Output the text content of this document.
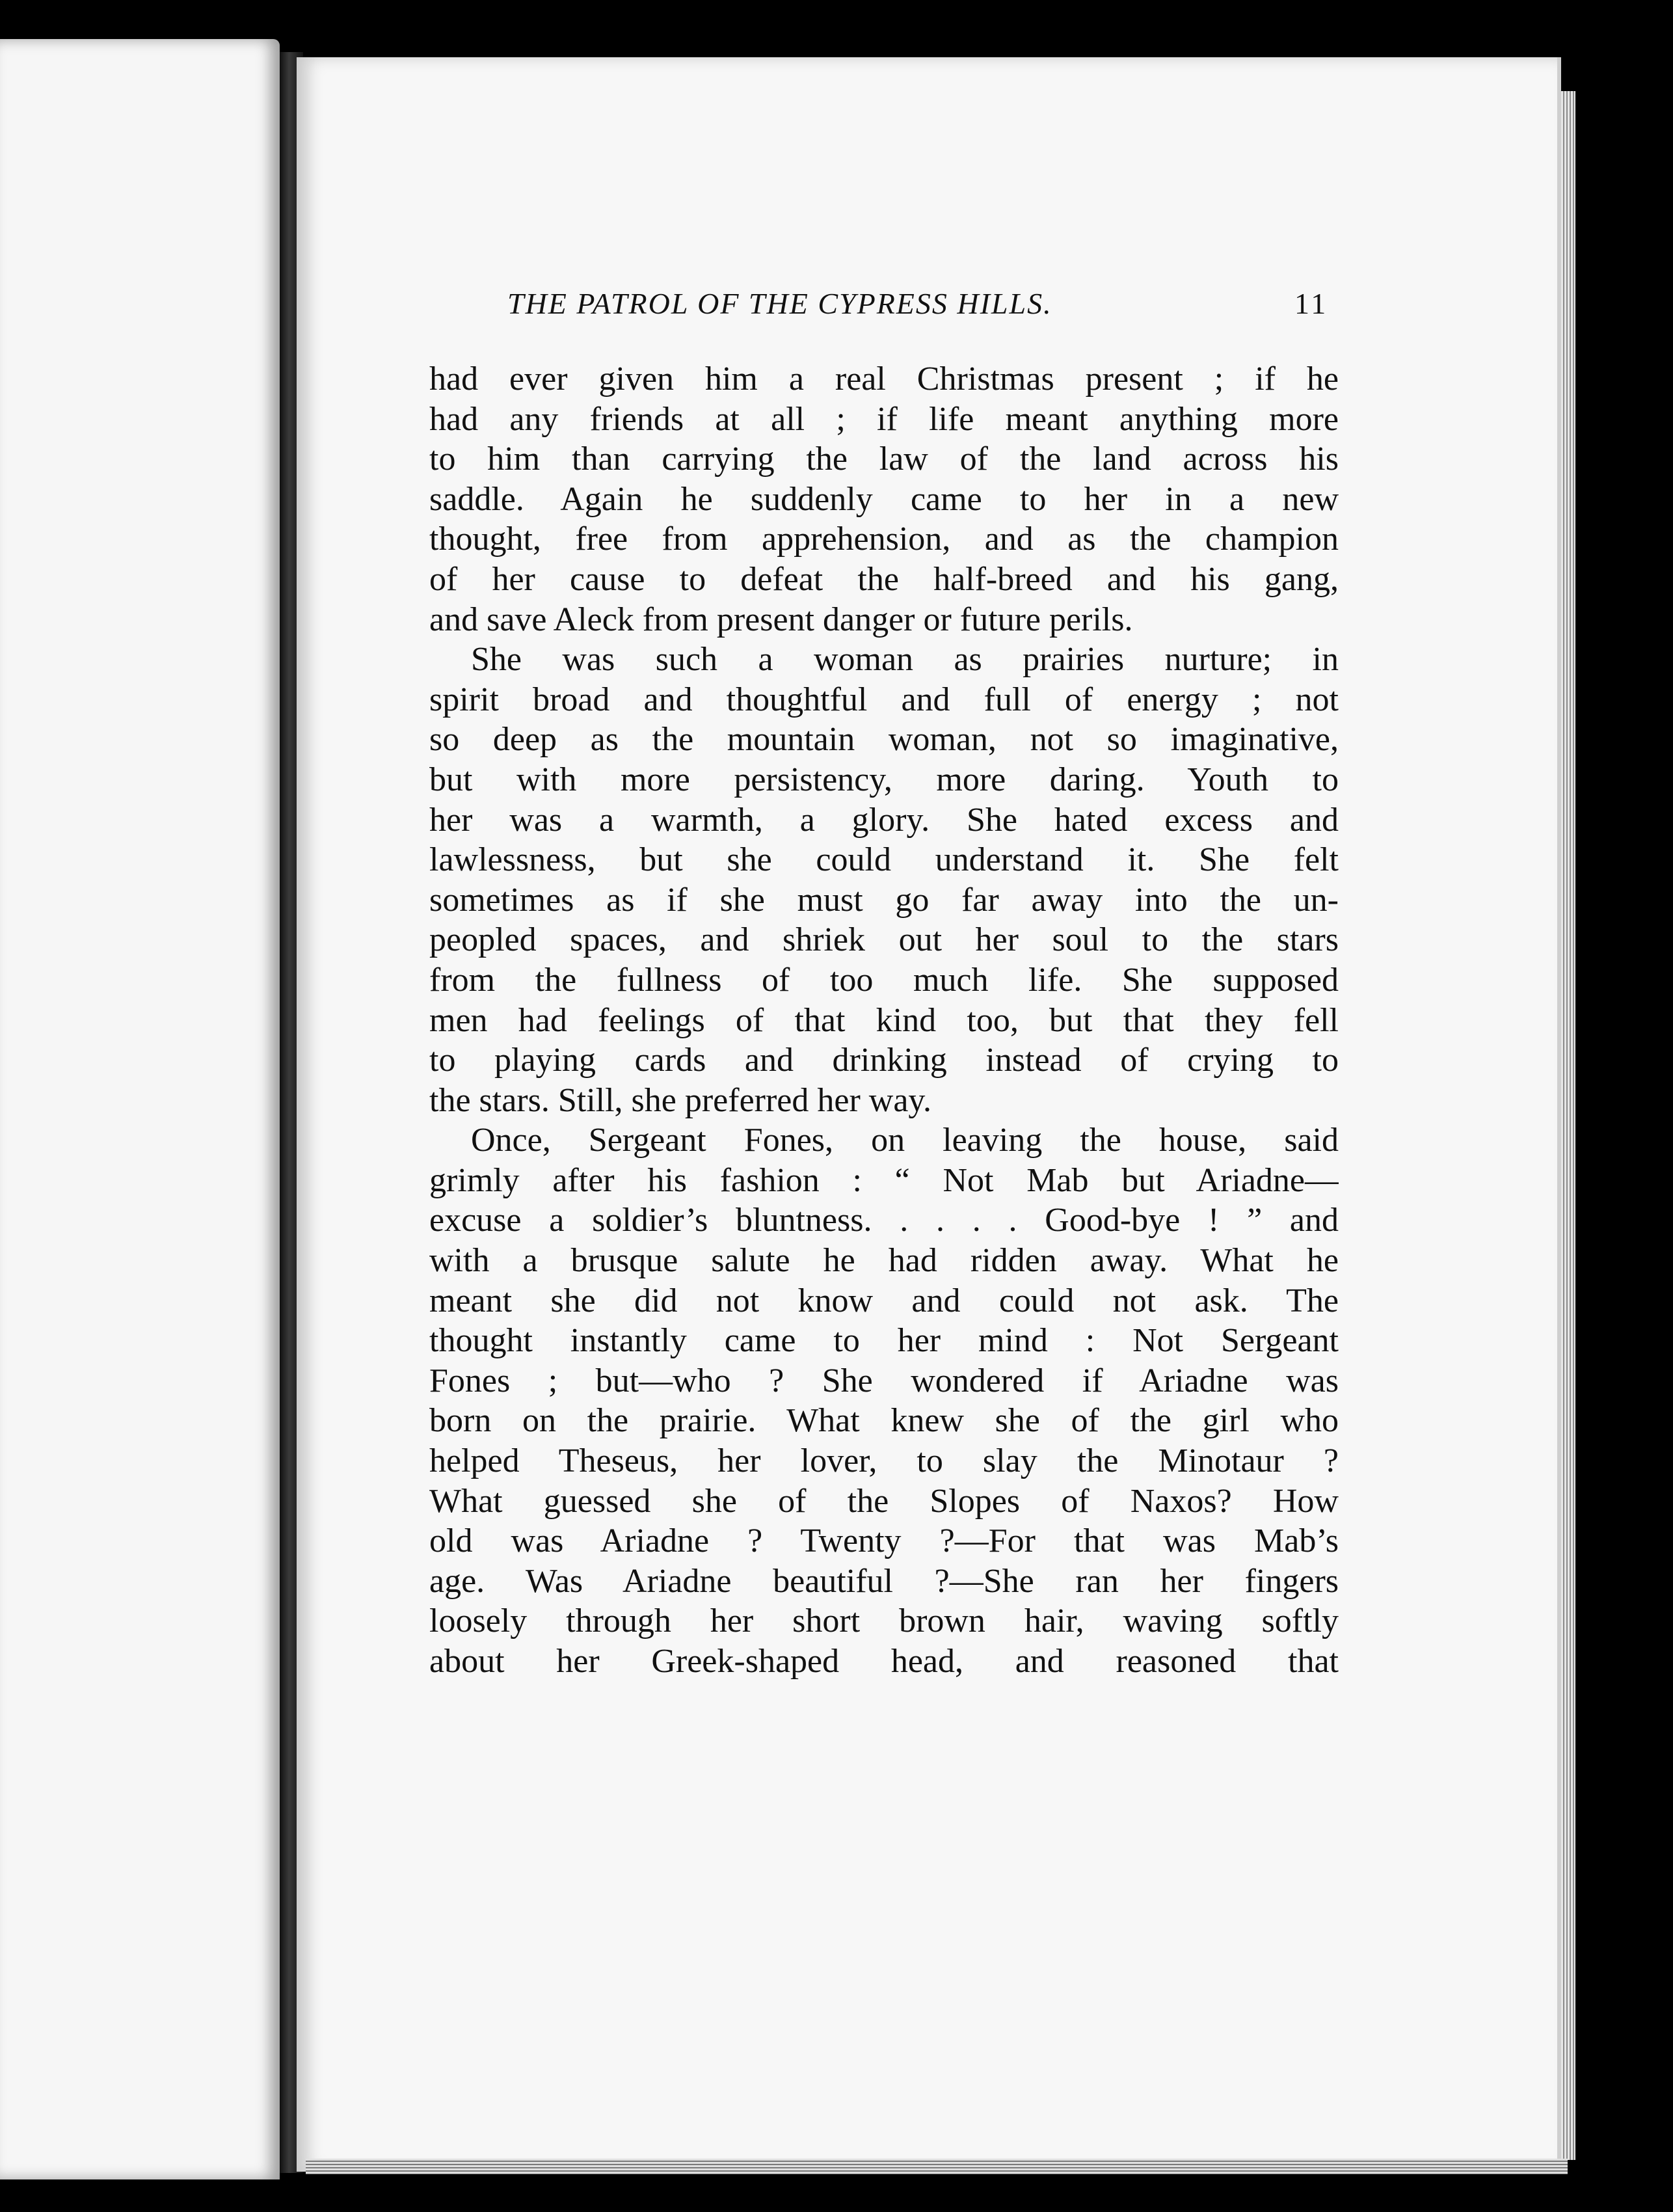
THE PATROL OF THE CYPRESS HILLS.	11
had ever given him a real Christmas present ; if he
had any friends at all ; if life meant anything more
to him than carrying the law of the land across his
saddle. Again he suddenly came to her in a new
thought, free from apprehension, and as the champion
of her cause to defeat the half-breed and his gang,
and save Aleck from present danger or future perils.
She was such a woman as prairies nurture; in
spirit broad and thoughtful and full of energy ; not
so deep as the mountain woman, not so imaginative,
but with more persistency, more daring. Youth to
her was a warmth, a glory. She hated excess and
lawlessness, but she could understand it. She felt
sometimes as if she must go far away into the un-
peopled spaces, and shriek out her soul to the stars
from the fullness of too much life. She supposed
men had feelings of that kind too, but that they fell
to playing cards and drinking instead of crying to
the stars. Still, she preferred her way.
Once, Sergeant Fones, on leaving the house, said
grimly after his fashion : “ Not Mab but Ariadne—
excuse a soldier’s bluntness. . . . . Good-bye ! ” and
with a brusque salute he had ridden away. What he
meant she did not know and could not ask. The
thought instantly came to her mind : Not Sergeant
Fones ; but—who ? She wondered if Ariadne was
born on the prairie. What knew she of the girl who
helped Theseus, her lover, to slay the Minotaur ?
What guessed she of the Slopes of Naxos? How
old was Ariadne ? Twenty ?—For that was Mab’s
age. Was Ariadne beautiful ?—She ran her fingers
loosely through her short brown hair, waving softly
about her Greek-shaped head, and reasoned that
